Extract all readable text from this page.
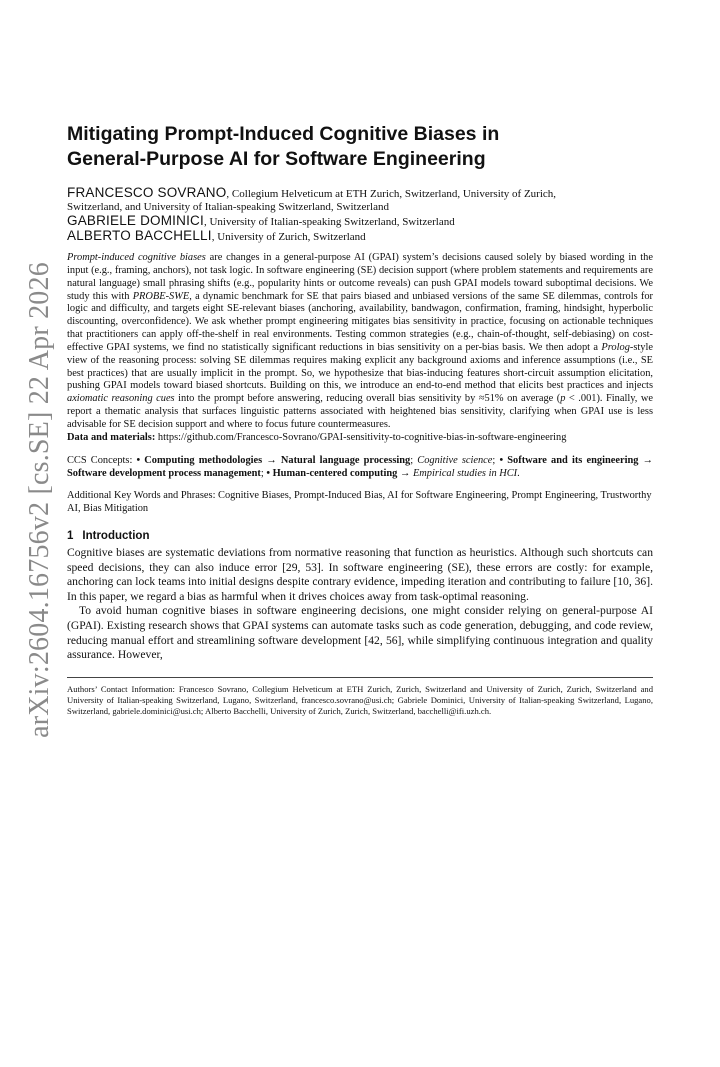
arXiv:2604.16756v2 [cs.SE] 22 Apr 2026
Mitigating Prompt-Induced Cognitive Biases in
General-Purpose AI for Software Engineering

FRANCESCO SOVRANO, Collegium Helveticum at ETH Zurich, Switzerland, University of Zurich,
Switzerland, and University of Italian-speaking Switzerland, Switzerland

GABRIELE DOMINICI, University of Italian-speaking Switzerland, Switzerland

ALBERTO BACCHELLI, University of Zurich, Switzerland

Prompt-induced cognitive biases are changes in a general-purpose AI (GPAI) system’s decisions caused solely by biased wording in the input (e.g., framing, anchors), not task logic. In software engineering (SE) decision support (where problem statements and requirements are natural language) small phrasing shifts (e.g., popularity hints or outcome reveals) can push GPAI models toward suboptimal decisions. We study this with PROBE-SWE, a dynamic benchmark for SE that pairs biased and unbiased versions of the same SE dilemmas, controls for logic and difficulty, and targets eight SE-relevant biases (anchoring, availability, bandwagon, confirmation, framing, hindsight, hyperbolic discounting, overconfidence). We ask whether prompt engineering mitigates bias sensitivity in practice, focusing on actionable techniques that practitioners can apply off-the-shelf in real environments. Testing common strategies (e.g., chain-of-thought, self-debiasing) on cost-effective GPAI systems, we find no statistically significant reductions in bias sensitivity on a per-bias basis. We then adopt a Prolog-style view of the reasoning process: solving SE dilemmas requires making explicit any background axioms and inference assumptions (i.e., SE best practices) that are usually implicit in the prompt. So, we hypothesize that bias-inducing features short-circuit assumption elicitation, pushing GPAI models toward biased shortcuts. Building on this, we introduce an end-to-end method that elicits best practices and injects axiomatic reasoning cues into the prompt before answering, reducing overall bias sensitivity by ≈51% on average (p < .001). Finally, we report a thematic analysis that surfaces linguistic patterns associated with heightened bias sensitivity, clarifying when GPAI use is less advisable for SE decision support and where to focus future countermeasures.

Data and materials: https://github.com/Francesco-Sovrano/GPAI-sensitivity-to-cognitive-bias-in-software-engineering

CCS Concepts: • Computing methodologies → Natural language processing; Cognitive science; • Software and its engineering → Software development process management; • Human-centered computing → Empirical studies in HCI.

Additional Key Words and Phrases: Cognitive Biases, Prompt-Induced Bias, AI for Software Engineering, Prompt Engineering, Trustworthy AI, Bias Mitigation

1 Introduction

Cognitive biases are systematic deviations from normative reasoning that function as heuristics. Although such shortcuts can speed decisions, they can also induce error [29, 53]. In software engineering (SE), these errors are costly: for example, anchoring can lock teams into initial designs despite contrary evidence, impeding iteration and contributing to failure [10, 36]. In this paper, we regard a bias as harmful when it drives choices away from task-optimal reasoning.

To avoid human cognitive biases in software engineering decisions, one might consider relying on general-purpose AI (GPAI). Existing research shows that GPAI systems can automate tasks such as code generation, debugging, and code review, reducing manual effort and streamlining software development [42, 56], while simplifying continuous integration and quality assurance. However,

Authors’ Contact Information: Francesco Sovrano, Collegium Helveticum at ETH Zurich, Zurich, Switzerland and University of Zurich, Zurich, Switzerland and University of Italian-speaking Switzerland, Lugano, Switzerland, francesco.sovrano@usi.ch; Gabriele Dominici, University of Italian-speaking Switzerland, Lugano, Switzerland, gabriele.dominici@usi.ch; Alberto Bacchelli, University of Zurich, Zurich, Switzerland, bacchelli@ifi.uzh.ch.
